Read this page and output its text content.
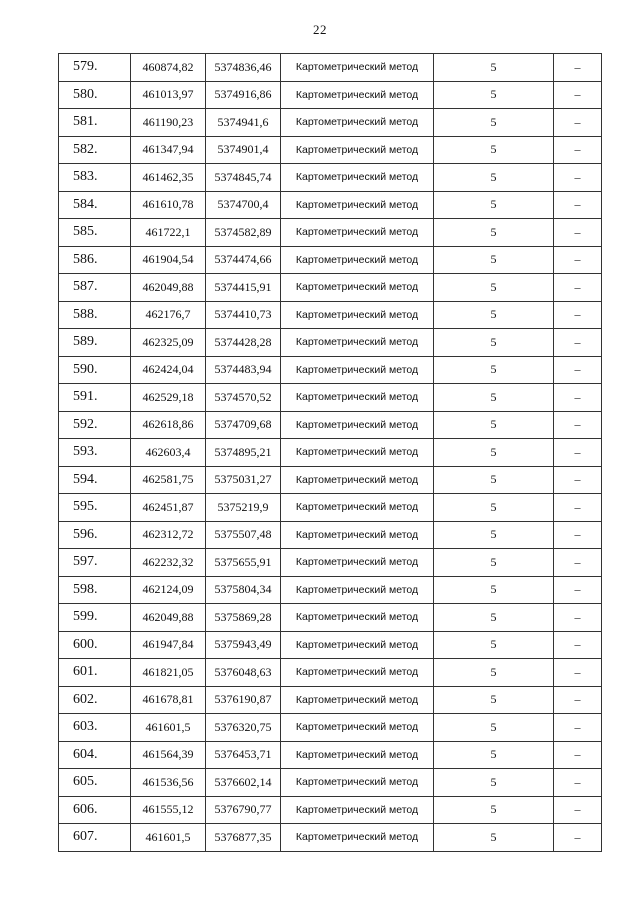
22
579.	460874,82	5374836,46	Картометрический метод	5	–
580.	461013,97	5374916,86	Картометрический метод	5	–
581.	461190,23	5374941,6	Картометрический метод	5	–
582.	461347,94	5374901,4	Картометрический метод	5	–
583.	461462,35	5374845,74	Картометрический метод	5	–
584.	461610,78	5374700,4	Картометрический метод	5	–
585.	461722,1	5374582,89	Картометрический метод	5	–
586.	461904,54	5374474,66	Картометрический метод	5	–
587.	462049,88	5374415,91	Картометрический метод	5	–
588.	462176,7	5374410,73	Картометрический метод	5	–
589.	462325,09	5374428,28	Картометрический метод	5	–
590.	462424,04	5374483,94	Картометрический метод	5	–
591.	462529,18	5374570,52	Картометрический метод	5	–
592.	462618,86	5374709,68	Картометрический метод	5	–
593.	462603,4	5374895,21	Картометрический метод	5	–
594.	462581,75	5375031,27	Картометрический метод	5	–
595.	462451,87	5375219,9	Картометрический метод	5	–
596.	462312,72	5375507,48	Картометрический метод	5	–
597.	462232,32	5375655,91	Картометрический метод	5	–
598.	462124,09	5375804,34	Картометрический метод	5	–
599.	462049,88	5375869,28	Картометрический метод	5	–
600.	461947,84	5375943,49	Картометрический метод	5	–
601.	461821,05	5376048,63	Картометрический метод	5	–
602.	461678,81	5376190,87	Картометрический метод	5	–
603.	461601,5	5376320,75	Картометрический метод	5	–
604.	461564,39	5376453,71	Картометрический метод	5	–
605.	461536,56	5376602,14	Картометрический метод	5	–
606.	461555,12	5376790,77	Картометрический метод	5	–
607.	461601,5	5376877,35	Картометрический метод	5	–
